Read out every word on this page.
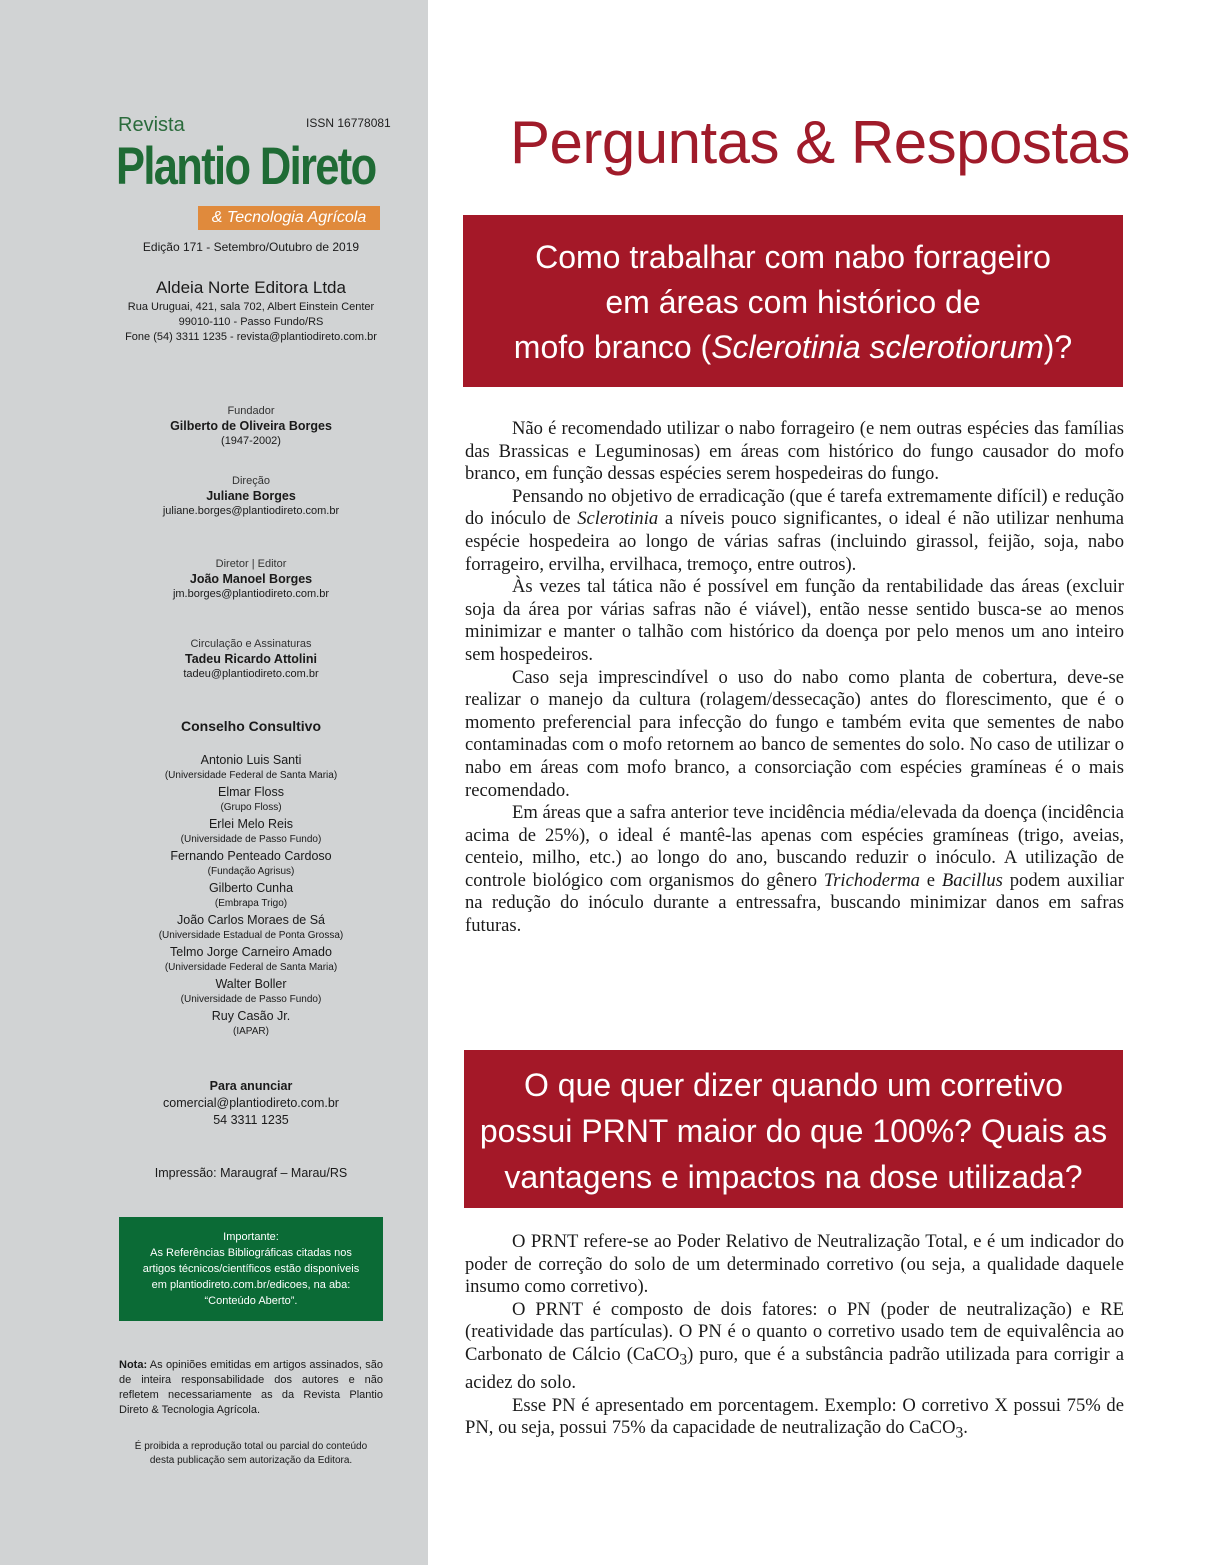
Revista	ISSN 16778081
Plantio Direto
& Tecnologia Agrícola
Edição 171 - Setembro/Outubro de 2019
Aldeia Norte Editora Ltda
Rua Uruguai, 421, sala 702, Albert Einstein Center
99010-110 - Passo Fundo/RS
Fone (54) 3311 1235 - revista@plantiodireto.com.br
Fundador
Gilberto de Oliveira Borges
(1947-2002)
Direção
Juliane Borges
juliane.borges@plantiodireto.com.br
Diretor | Editor
João Manoel Borges
jm.borges@plantiodireto.com.br
Circulação e Assinaturas
Tadeu Ricardo Attolini
tadeu@plantiodireto.com.br
Conselho Consultivo
Antonio Luis Santi
(Universidade Federal de Santa Maria)
Elmar Floss
(Grupo Floss)
Erlei Melo Reis
(Universidade de Passo Fundo)
Fernando Penteado Cardoso
(Fundação Agrisus)
Gilberto Cunha
(Embrapa Trigo)
João Carlos Moraes de Sá
(Universidade Estadual de Ponta Grossa)
Telmo Jorge Carneiro Amado
(Universidade Federal de Santa Maria)
Walter Boller
(Universidade de Passo Fundo)
Ruy Casão Jr.
(IAPAR)
Para anunciar
comercial@plantiodireto.com.br
54 3311 1235
Impressão: Maraugraf – Marau/RS
Importante:
As Referências Bibliográficas citadas nos
artigos técnicos/científicos estão disponíveis
em plantiodireto.com.br/edicoes, na aba:
“Conteúdo Aberto”.
Nota: As opiniões emitidas em artigos assinados, são de inteira responsabilidade dos autores e não refletem necessariamente as da Revista Plantio Direto & Tecnologia Agrícola.
É proibida a reprodução total ou parcial do conteúdo
desta publicação sem autorização da Editora.
Perguntas & Respostas
Como trabalhar com nabo forrageiro
em áreas com histórico de
mofo branco (Sclerotinia sclerotiorum)?

Não é recomendado utilizar o nabo forrageiro (e nem outras espécies das famílias das Brassicas e Leguminosas) em áreas com histórico do fungo causador do mofo branco, em função dessas espécies serem hospedeiras do fungo.

Pensando no objetivo de erradicação (que é tarefa extremamente difícil) e redução do inóculo de Sclerotinia a níveis pouco significantes, o ideal é não utilizar nenhuma espécie hospedeira ao longo de várias safras (incluindo girassol, feijão, soja, nabo forrageiro, ervilha, ervilhaca, tremoço, entre outros).

Às vezes tal tática não é possível em função da rentabilidade das áreas (excluir soja da área por várias safras não é viável), então nesse sentido busca-se ao menos minimizar e manter o talhão com histórico da doença por pelo menos um ano inteiro sem hospedeiros.

Caso seja imprescindível o uso do nabo como planta de cobertura, deve-se realizar o manejo da cultura (rolagem/dessecação) antes do florescimento, que é o momento preferencial para infecção do fungo e também evita que sementes de nabo contaminadas com o mofo retornem ao banco de sementes do solo. No caso de utilizar o nabo em áreas com mofo branco, a consorciação com espécies gramíneas é o mais recomendado.

Em áreas que a safra anterior teve incidência média/elevada da doença (incidência acima de 25%), o ideal é mantê-las apenas com espécies gramíneas (trigo, aveias, centeio, milho, etc.) ao longo do ano, buscando reduzir o inóculo. A utilização de controle biológico com organismos do gênero Trichoderma e Bacillus podem auxiliar na redução do inóculo durante a entressafra, buscando minimizar danos em safras futuras.

O que quer dizer quando um corretivo
possui PRNT maior do que 100%? Quais as
vantagens e impactos na dose utilizada?

O PRNT refere-se ao Poder Relativo de Neutralização Total, e é um indicador do poder de correção do solo de um determinado corretivo (ou seja, a qualidade daquele insumo como corretivo).

O PRNT é composto de dois fatores: o PN (poder de neutralização) e RE (reatividade das partículas). O PN é o quanto o corretivo usado tem de equivalência ao Carbonato de Cálcio (CaCO$_3$) puro, que é a substância padrão utilizada para corrigir a acidez do solo.

Esse PN é apresentado em porcentagem. Exemplo: O corretivo X possui 75% de PN, ou seja, possui 75% da capacidade de neutralização do CaCO$_3$.
